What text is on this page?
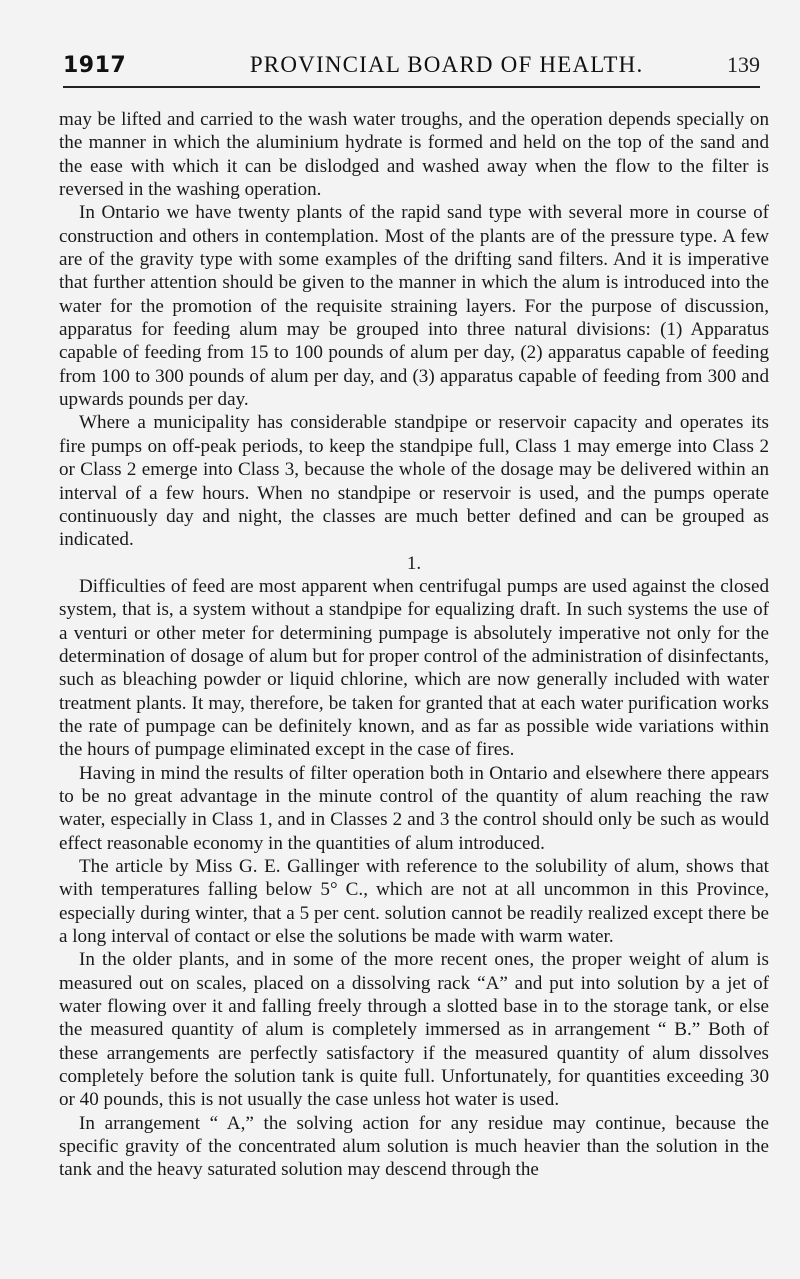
1917	PROVINCIAL BOARD OF HEALTH.	139

may be lifted and carried to the wash water troughs, and the operation depends specially on the manner in which the aluminium hydrate is formed and held on the top of the sand and the ease with which it can be dislodged and washed away when the flow to the filter is reversed in the washing operation.

In Ontario we have twenty plants of the rapid sand type with several more in course of construction and others in contemplation. Most of the plants are of the pressure type. A few are of the gravity type with some examples of the drifting sand filters. And it is imperative that further attention should be given to the manner in which the alum is introduced into the water for the promotion of the requisite straining layers. For the purpose of discussion, apparatus for feeding alum may be grouped into three natural divisions: (1) Apparatus capable of feeding from 15 to 100 pounds of alum per day, (2) apparatus capable of feeding from 100 to 300 pounds of alum per day, and (3) apparatus capable of feeding from 300 and upwards pounds per day.

Where a municipality has considerable standpipe or reservoir capacity and operates its fire pumps on off-peak periods, to keep the standpipe full, Class 1 may emerge into Class 2 or Class 2 emerge into Class 3, because the whole of the dosage may be delivered within an interval of a few hours. When no standpipe or reservoir is used, and the pumps operate continuously day and night, the classes are much better defined and can be grouped as indicated.

1.

Difficulties of feed are most apparent when centrifugal pumps are used against the closed system, that is, a system without a standpipe for equalizing draft. In such systems the use of a venturi or other meter for determining pumpage is absolutely imperative not only for the determination of dosage of alum but for proper control of the administration of disinfectants, such as bleaching powder or liquid chlorine, which are now generally included with water treatment plants. It may, therefore, be taken for granted that at each water purification works the rate of pumpage can be definitely known, and as far as possible wide variations within the hours of pumpage eliminated except in the case of fires.

Having in mind the results of filter operation both in Ontario and elsewhere there appears to be no great advantage in the minute control of the quantity of alum reaching the raw water, especially in Class 1, and in Classes 2 and 3 the control should only be such as would effect reasonable economy in the quantities of alum introduced.

The article by Miss G. E. Gallinger with reference to the solubility of alum, shows that with temperatures falling below 5° C., which are not at all uncommon in this Province, especially during winter, that a 5 per cent. solution cannot be readily realized except there be a long interval of contact or else the solutions be made with warm water.

In the older plants, and in some of the more recent ones, the proper weight of alum is measured out on scales, placed on a dissolving rack “A” and put into solution by a jet of water flowing over it and falling freely through a slotted base in to the storage tank, or else the measured quantity of alum is completely immersed as in arrangement “ B.” Both of these arrangements are perfectly satisfactory if the measured quantity of alum dissolves completely before the solution tank is quite full. Unfortunately, for quantities exceeding 30 or 40 pounds, this is not usually the case unless hot water is used.

In arrangement “ A,” the solving action for any residue may continue, because the specific gravity of the concentrated alum solution is much heavier than the solution in the tank and the heavy saturated solution may descend through the
